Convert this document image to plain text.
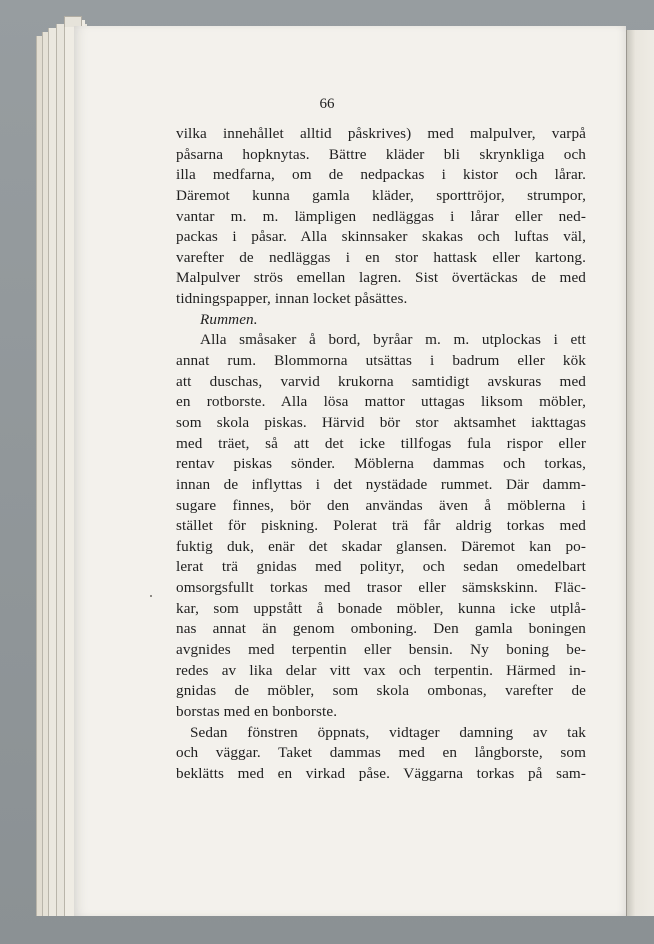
66

vilka innehållet alltid påskrives) med malpulver, varpå
påsarna hopknytas. Bättre kläder bli skrynkliga och
illa medfarna, om de nedpackas i kistor och lårar.
Däremot kunna gamla kläder, sporttröjor, strumpor,
vantar m. m. lämpligen nedläggas i lårar eller ned-
packas i påsar. Alla skinnsaker skakas och luftas väl,
varefter de nedläggas i en stor hattask eller kartong.
Malpulver strös emellan lagren. Sist övertäckas de med
tidningspapper, innan locket påsättes.
Rummen.
Alla småsaker å bord, byråar m. m. utplockas i ett
annat rum. Blommorna utsättas i badrum eller kök
att duschas, varvid krukorna samtidigt avskuras med
en rotborste. Alla lösa mattor uttagas liksom möbler,
som skola piskas. Härvid bör stor aktsamhet iakttagas
med träet, så att det icke tillfogas fula rispor eller
rentav piskas sönder. Möblerna dammas och torkas,
innan de inflyttas i det nystädade rummet. Där damm-
sugare finnes, bör den användas även å möblerna i
stället för piskning. Polerat trä får aldrig torkas med
fuktig duk, enär det skadar glansen. Däremot kan po-
lerat trä gnidas med polityr, och sedan omedelbart
omsorgsfullt torkas med trasor eller sämskskinn. Fläc-
kar, som uppstått å bonade möbler, kunna icke utplå-
nas annat än genom omboning. Den gamla boningen
avgnides med terpentin eller bensin. Ny boning be-
redes av lika delar vitt vax och terpentin. Härmed in-
gnidas de möbler, som skola ombonas, varefter de
borstas med en bonborste.
Sedan fönstren öppnats, vidtager damning av tak
och väggar. Taket dammas med en långborste, som
beklätts med en virkad påse. Väggarna torkas på sam-
